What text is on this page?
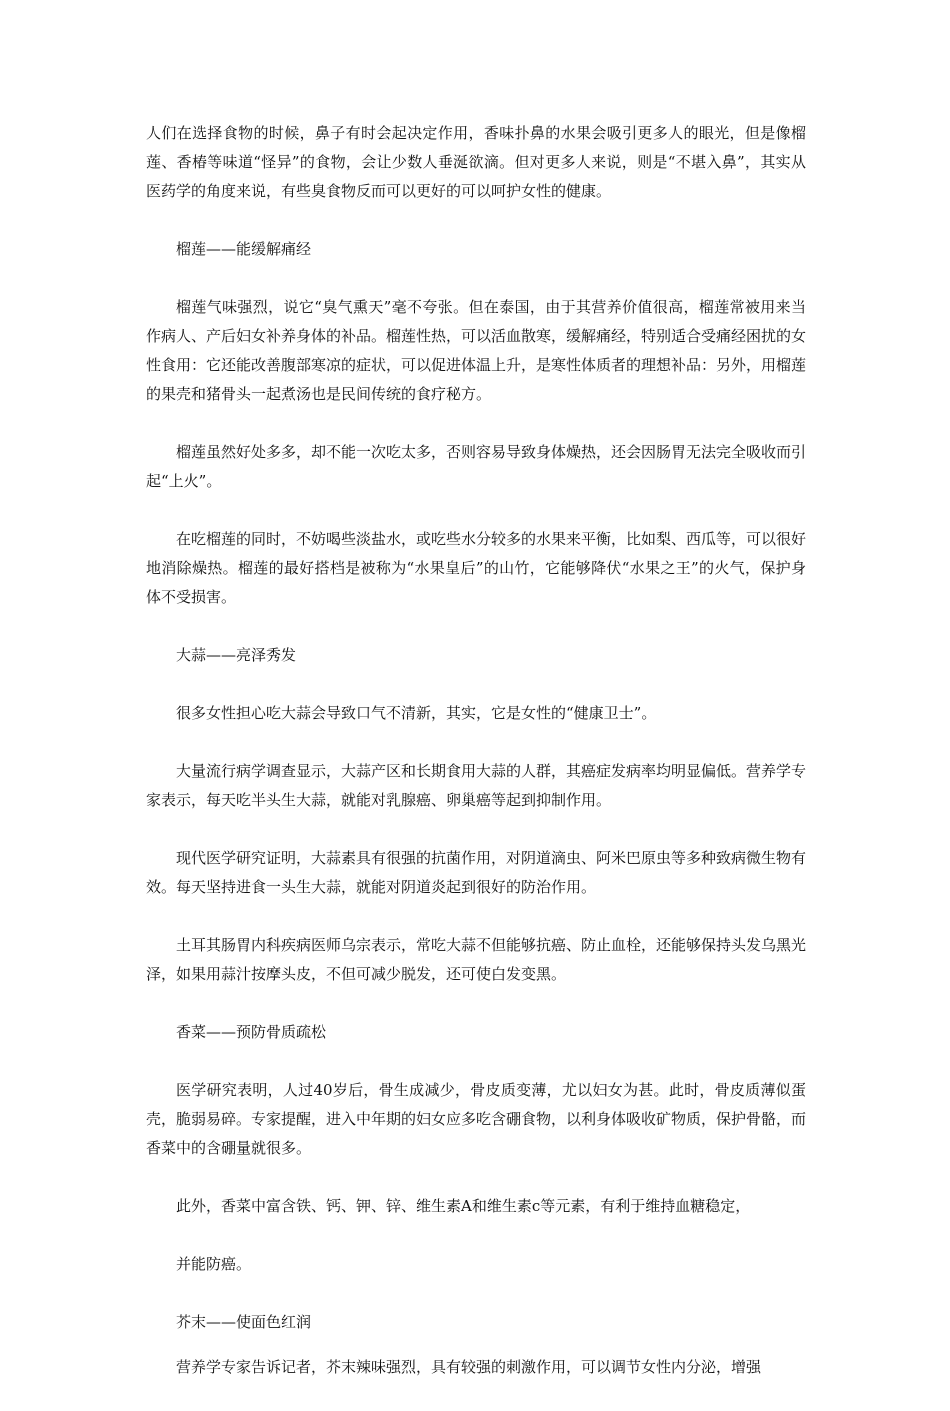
人们在选择食物的时候，鼻子有时会起决定作用，香味扑鼻的水果会吸引更多人的眼光，但是像榴莲、香椿等味道“怪异”的食物，会让少数人垂涎欲滴。但对更多人来说，则是“不堪入鼻”，其实从医药学的角度来说，有些臭食物反而可以更好的可以呵护女性的健康。

榴莲——能缓解痛经

榴莲气味强烈，说它“臭气熏天”毫不夸张。但在泰国，由于其营养价值很高，榴莲常被用来当作病人、产后妇女补养身体的补品。榴莲性热，可以活血散寒，缓解痛经，特别适合受痛经困扰的女性食用：它还能改善腹部寒凉的症状，可以促进体温上升，是寒性体质者的理想补品：另外，用榴莲的果壳和猪骨头一起煮汤也是民间传统的食疗秘方。

榴莲虽然好处多多，却不能一次吃太多，否则容易导致身体燥热，还会因肠胃无法完全吸收而引起“上火”。

在吃榴莲的同时，不妨喝些淡盐水，或吃些水分较多的水果来平衡，比如梨、西瓜等，可以很好地消除燥热。榴莲的最好搭档是被称为“水果皇后”的山竹，它能够降伏“水果之王”的火气，保护身体不受损害。

大蒜——亮泽秀发

很多女性担心吃大蒜会导致口气不清新，其实，它是女性的“健康卫士”。

大量流行病学调查显示，大蒜产区和长期食用大蒜的人群，其癌症发病率均明显偏低。营养学专家表示，每天吃半头生大蒜，就能对乳腺癌、卵巢癌等起到抑制作用。

现代医学研究证明，大蒜素具有很强的抗菌作用，对阴道滴虫、阿米巴原虫等多种致病微生物有效。每天坚持进食一头生大蒜，就能对阴道炎起到很好的防治作用。

土耳其肠胃内科疾病医师乌宗表示，常吃大蒜不但能够抗癌、防止血栓，还能够保持头发乌黑光泽，如果用蒜汁按摩头皮，不但可减少脱发，还可使白发变黑。

香菜——预防骨质疏松

医学研究表明，人过40岁后，骨生成减少，骨皮质变薄，尤以妇女为甚。此时，骨皮质薄似蛋壳，脆弱易碎。专家提醒，进入中年期的妇女应多吃含硼食物，以利身体吸收矿物质，保护骨骼，而香菜中的含硼量就很多。

此外，香菜中富含铁、钙、钾、锌、维生素A和维生素c等元素，有利于维持血糖稳定，

并能防癌。

芥末——使面色红润

营养学专家告诉记者，芥末辣味强烈，具有较强的刺激作用，可以调节女性内分泌，增强
